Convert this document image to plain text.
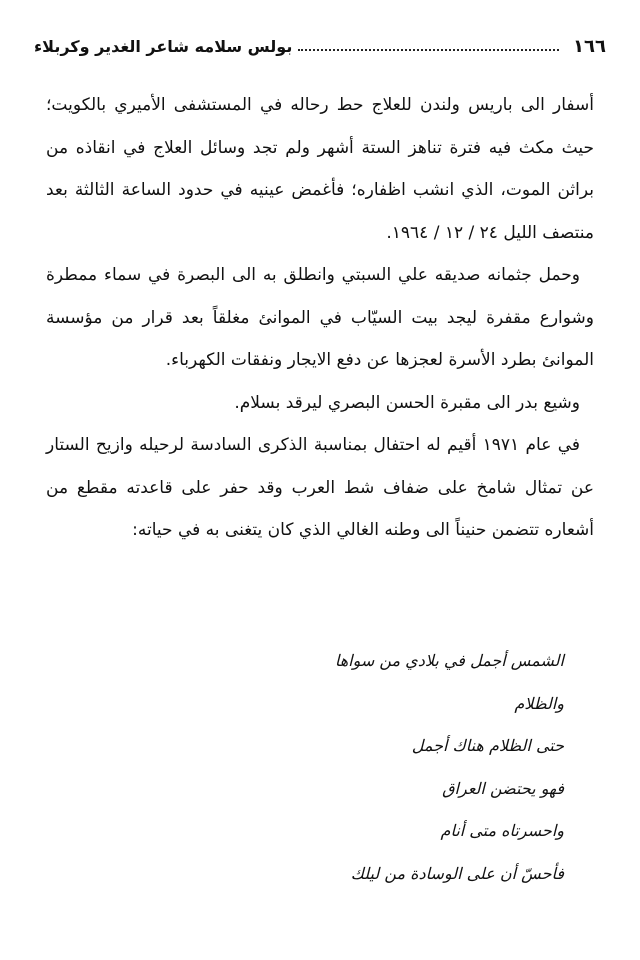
١٦٦
بولس سلامه شاعر الغدير وكربلاء

أسفار الى باريس ولندن للعلاج حط رحاله في المستشفى الأميري بالكويت؛ حيث مكث فيه فترة تناهز الستة أشهر ولم تجد وسائل العلاج في انقاذه من براثن الموت، الذي انشب اظفاره؛ فأغمض عينيه في حدود الساعة الثالثة بعد منتصف الليل ٢٤ / ١٢ / ١٩٦٤.

وحمل جثمانه صديقه علي السبتي وانطلق به الى البصرة في سماء ممطرة وشوارع مقفرة ليجد بيت السيّاب في الموانئ مغلقاً بعد قرار من مؤسسة الموانئ بطرد الأسرة لعجزها عن دفع الايجار ونفقات الكهرباء.

وشيع بدر الى مقبرة الحسن البصري ليرقد بسلام.

في عام ١٩٧١ أقيم له احتفال بمناسبة الذكرى السادسة لرحيله وازيح الستار عن تمثال شامخ على ضفاف شط العرب وقد حفر على قاعدته مقطع من أشعاره تتضمن حنيناً الى وطنه الغالي الذي كان يتغنى به في حياته:

الشمس أجمل في بلادي من سواها
والظلام
حتى الظلام هناك أجمل
فهو يحتضن العراق
واحسرتاه متى أنام
فأحسّ أن على الوسادة من ليلك
